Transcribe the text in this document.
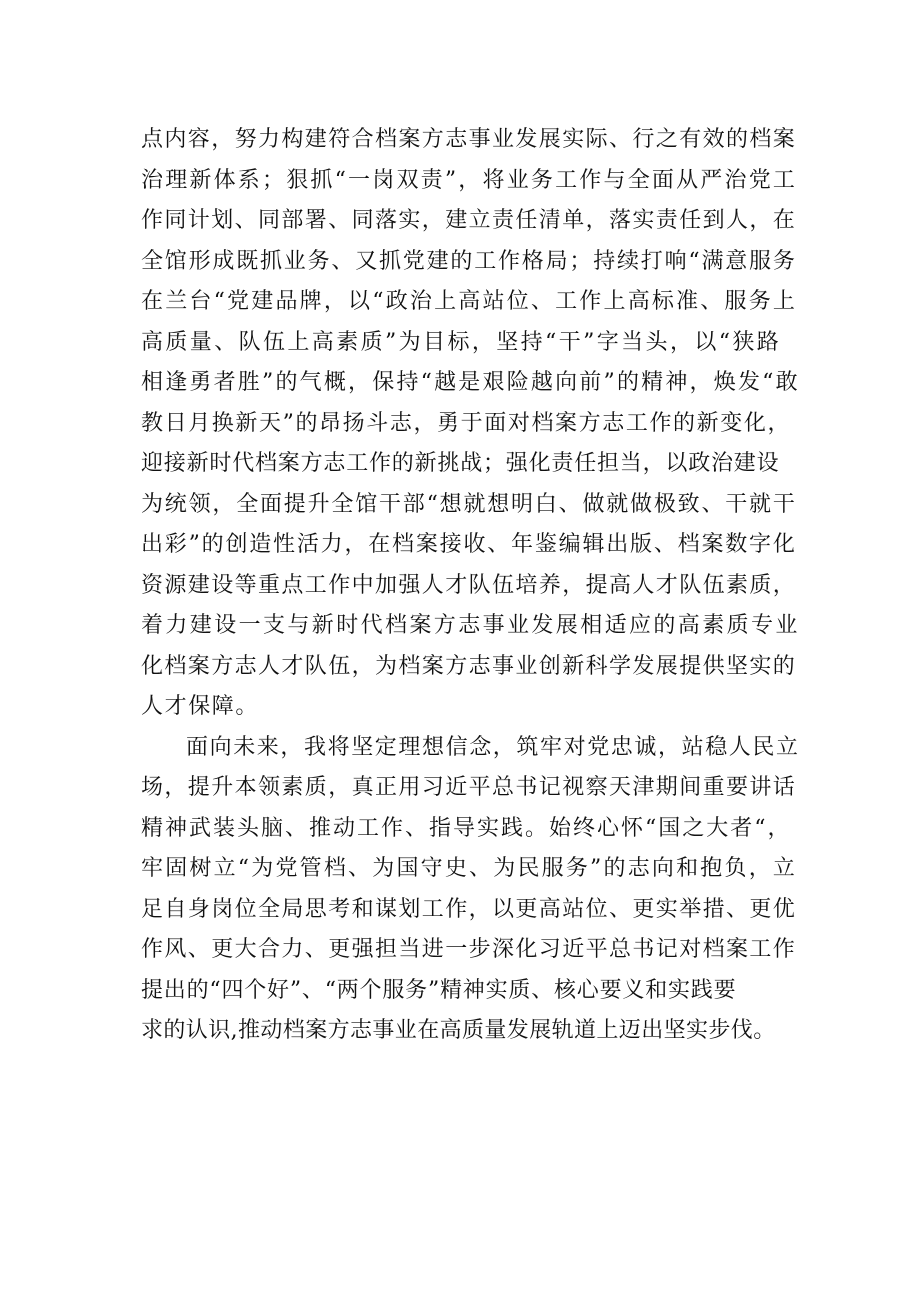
点内容，努力构建符合档案方志事业发展实际、行之有效的档案
治理新体系；狠抓“一岗双责”，将业务工作与全面从严治党工
作同计划、同部署、同落实，建立责任清单，落实责任到人，在
全馆形成既抓业务、又抓党建的工作格局；持续打响“满意服务
在兰台“党建品牌，以“政治上高站位、工作上高标准、服务上
高质量、队伍上高素质”为目标，坚持“干”字当头，以“狭路
相逢勇者胜”的气概，保持“越是艰险越向前”的精神，焕发“敢
教日月换新天”的昂扬斗志，勇于面对档案方志工作的新变化，
迎接新时代档案方志工作的新挑战；强化责任担当，以政治建设
为统领，全面提升全馆干部“想就想明白、做就做极致、干就干
出彩”的创造性活力，在档案接收、年鉴编辑出版、档案数字化
资源建设等重点工作中加强人才队伍培养，提高人才队伍素质，
着力建设一支与新时代档案方志事业发展相适应的高素质专业
化档案方志人才队伍，为档案方志事业创新科学发展提供坚实的
人才保障。
面向未来，我将坚定理想信念，筑牢对党忠诚，站稳人民立
场，提升本领素质，真正用习近平总书记视察天津期间重要讲话
精神武装头脑、推动工作、指导实践。始终心怀“国之大者“，
牢固树立“为党管档、为国守史、为民服务”的志向和抱负，立
足自身岗位全局思考和谋划工作，以更高站位、更实举措、更优
作风、更大合力、更强担当进一步深化习近平总书记对档案工作
提出的“四个好”、“两个服务”精神实质、核心要义和实践要
求的认识,推动档案方志事业在高质量发展轨道上迈出坚实步伐。
